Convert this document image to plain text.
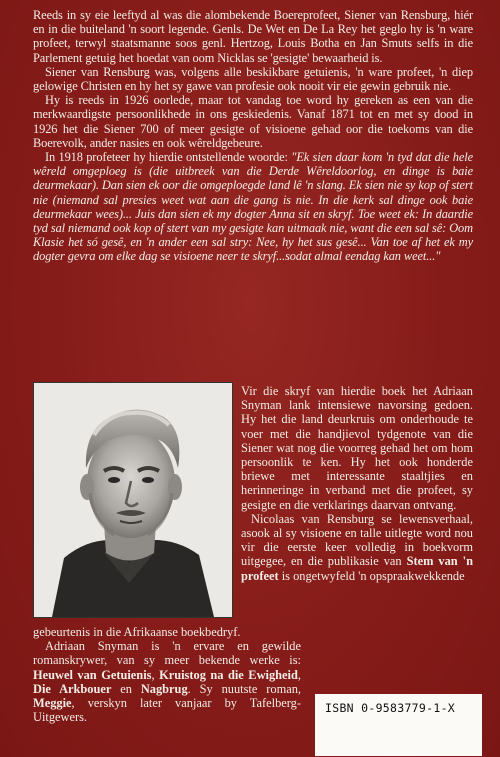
Reeds in sy eie leeftyd al was die alombekende Boereprofeet, Siener van Rensburg, hiér en in die buiteland 'n soort legende. Genls. De Wet en De La Rey het geglo hy is 'n ware profeet, terwyl staatsmanne soos genl. Hertzog, Louis Botha en Jan Smuts selfs in die Parlement getuig het hoedat van oom Nicklas se 'gesigte' bewaarheid is.

Siener van Rensburg was, volgens alle beskikbare getuienis, 'n ware profeet, 'n diep gelowige Christen en hy het sy gawe van profesie ook nooit vir eie gewin gebruik nie.

Hy is reeds in 1926 oorlede, maar tot vandag toe word hy gereken as een van die merkwaardigste persoonlikhede in ons geskiedenis. Vanaf 1871 tot en met sy dood in 1926 het die Siener 700 of meer gesigte of visioene gehad oor die toekoms van die Boerevolk, ander nasies en ook wêreldgebeure.

In 1918 profeteer hy hierdie ontstellende woorde: "Ek sien daar kom 'n tyd dat die hele wêreld omgeploeg is (die uitbreek van die Derde Wêreldoorlog, en dinge is baie deurmekaar). Dan sien ek oor die omgeploegde land lê 'n slang. Ek sien nie sy kop of stert nie (niemand sal presies weet wat aan die gang is nie. In die kerk sal dinge ook baie deurmekaar wees)... Juis dan sien ek my dogter Anna sit en skryf. Toe weet ek: In daardie tyd sal niemand ook kop of stert van my gesigte kan uitmaak nie, want die een sal sê: Oom Klasie het só gesê, en 'n ander een sal stry: Nee, hy het sus gesê... Van toe af het ek my dogter gevra om elke dag se visioene neer te skryf...sodat almal eendag kan weet..."

Vir die skryf van hierdie boek het Adriaan Snyman lank intensiewe navorsing gedoen. Hy het die land deurkruis om onderhoude te voer met die handjievol tydgenote van die Siener wat nog die voorreg gehad het om hom persoonlik te ken. Hy het ook honderde briewe met interessante staaltjies en herinneringe in verband met die profeet, sy gesigte en die verklarings daarvan ontvang.

Nicolaas van Rensburg se lewensverhaal, asook al sy visioene en talle uitlegte word nou vir die eerste keer volledig in boekvorm uitgegee, en die publikasie van Stem van 'n profeet is ongetwyfeld 'n opspraakwekkende

gebeurtenis in die Afrikaanse boekbedryf.

Adriaan Snyman is 'n ervare en gewilde romanskrywer, van sy meer bekende werke is: Heuwel van Getuienis, Kruistog na die Ewigheid, Die Arkbouer en Nagbrug. Sy nuutste roman, Meggie, verskyn later vanjaar by Tafelberg-Uitgewers.

ISBN 0-9583779-1-X
